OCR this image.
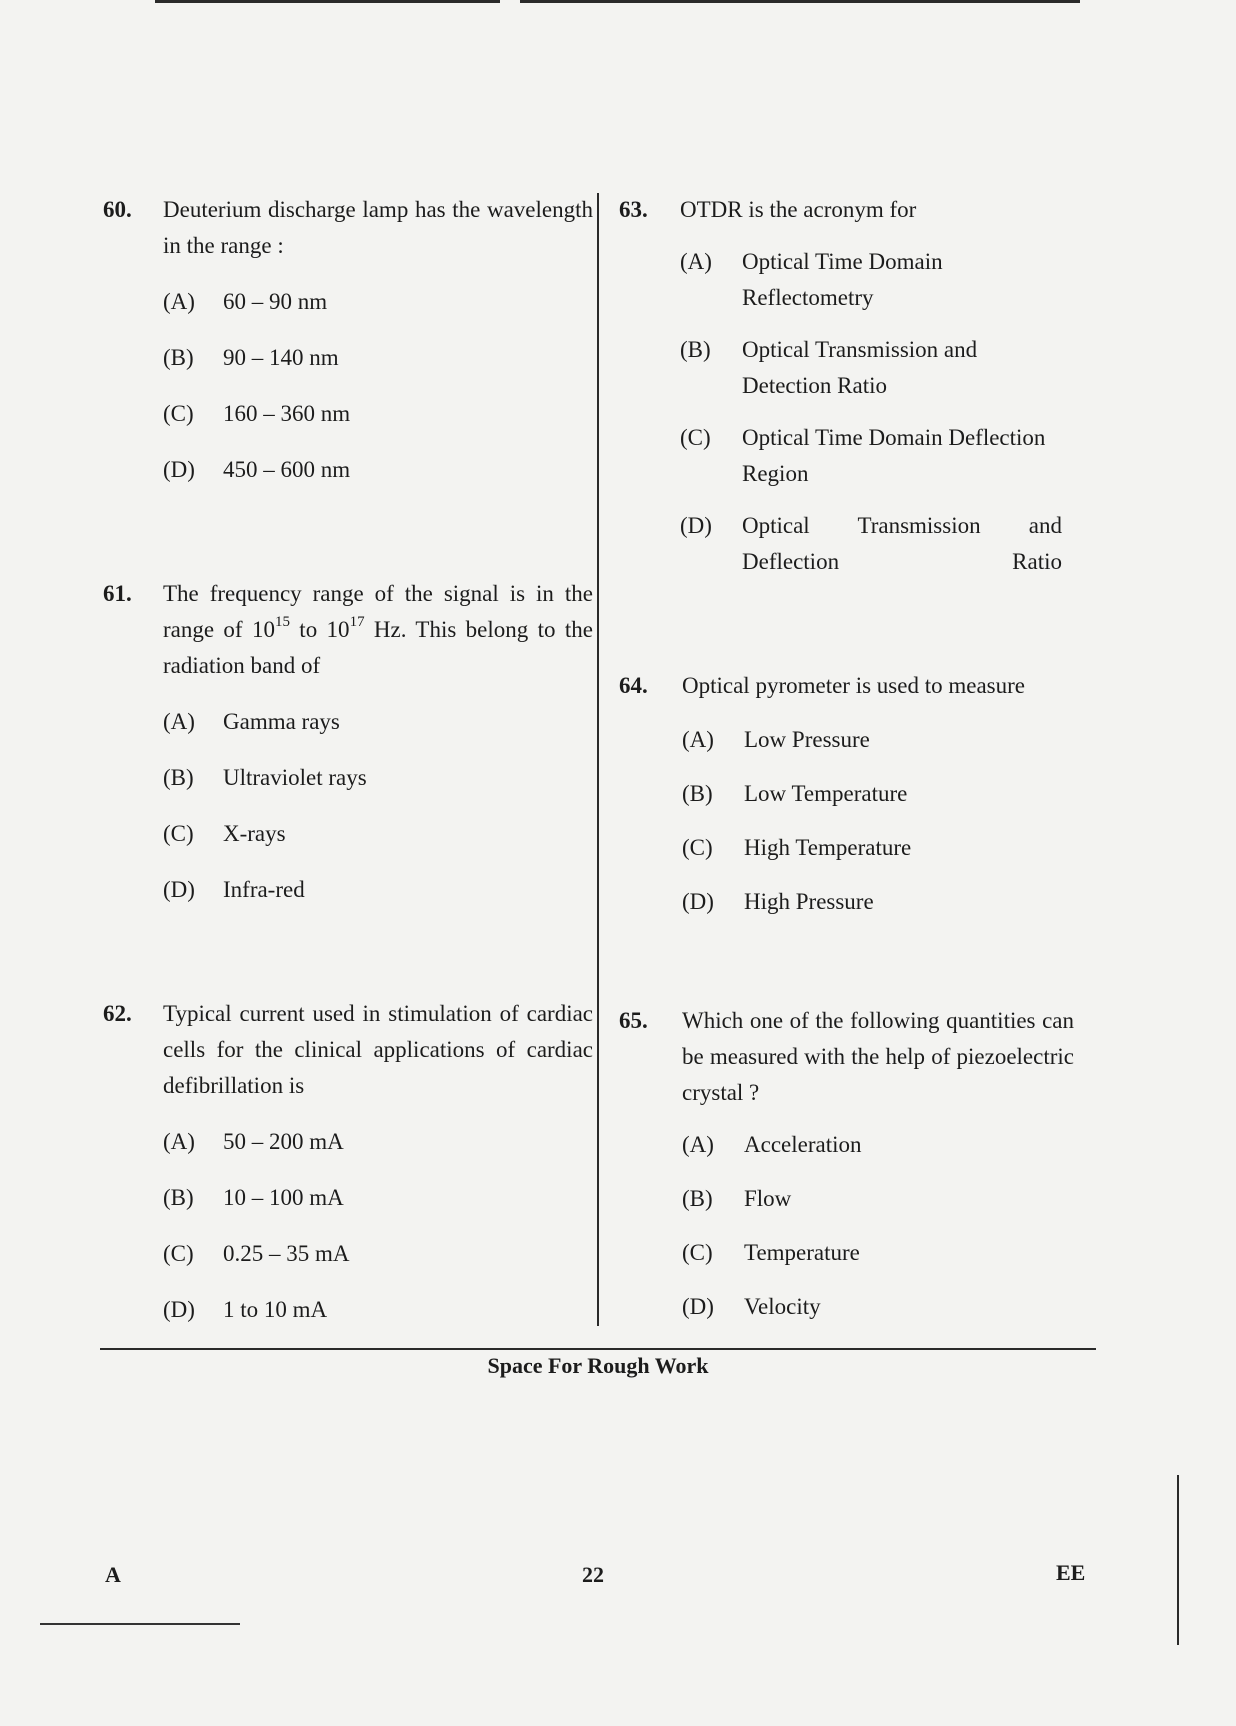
60. Deuterium discharge lamp has the wavelength in the range :

(A) 60 – 90 nm
(B) 90 – 140 nm
(C) 160 – 360 nm
(D) 450 – 600 nm
61. The frequency range of the signal is in the range of $10^{15}$ to $10^{17}$ Hz. This belong to the radiation band of

(A) Gamma rays
(B) Ultraviolet rays
(C) X-rays
(D) Infra-red
62. Typical current used in stimulation of cardiac cells for the clinical applications of cardiac defibrillation is

(A) 50 – 200 mA
(B) 10 – 100 mA
(C) 0.25 – 35 mA
(D) 1 to 10 mA
63. OTDR is the acronym for

(A) Optical Time Domain Reflectometry
(B) Optical Transmission and Detection Ratio
(C) Optical Time Domain Deflection Region
(D) Optical Transmission and Deflection Ratio
64. Optical pyrometer is used to measure

(A) Low Pressure
(B) Low Temperature
(C) High Temperature
(D) High Pressure
65. Which one of the following quantities can be measured with the help of piezoelectric crystal ?

(A) Acceleration
(B) Flow
(C) Temperature
(D) Velocity
Space For Rough Work
A	22	EE
